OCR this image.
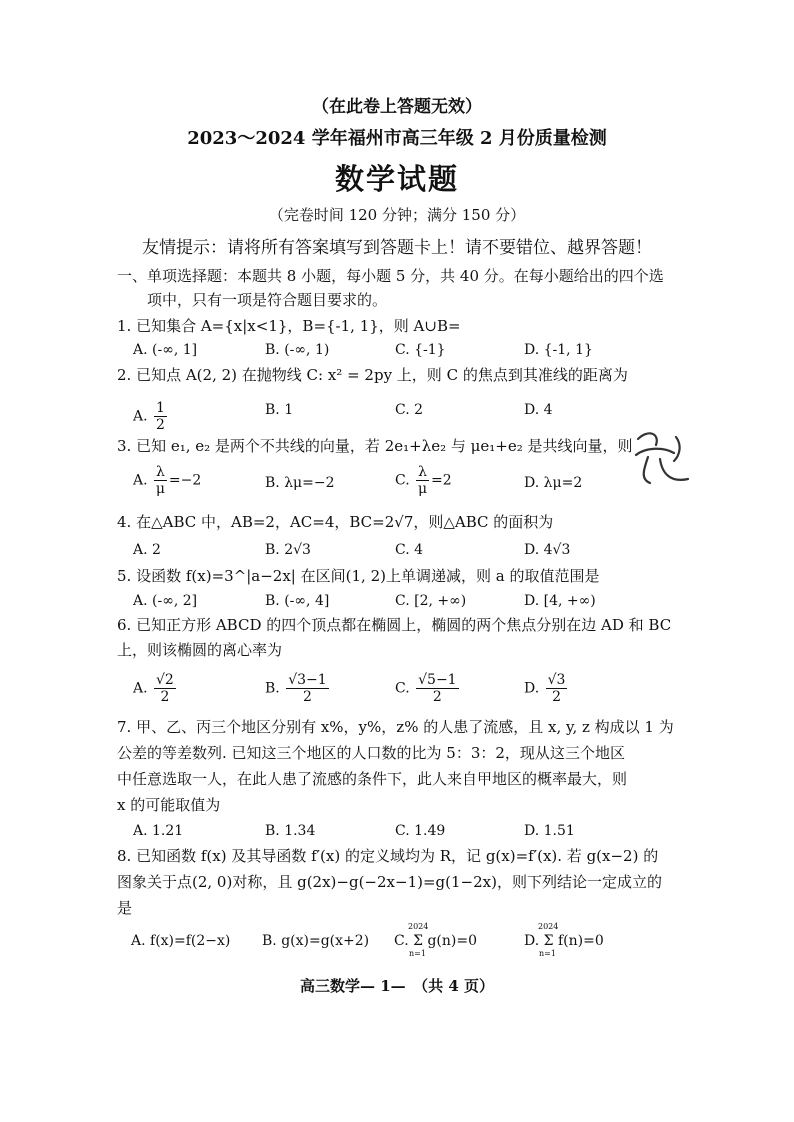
（在此卷上答题无效）
2023～2024 学年福州市高三年级 2 月份质量检测
数学试题
（完卷时间 120 分钟；满分 150 分）
友情提示：请将所有答案填写到答题卡上！请不要错位、越界答题！
一、单项选择题：本题共 8 小题，每小题 5 分，共 40 分。在每小题给出的四个选
项中，只有一项是符合题目要求的。
1. 已知集合 A={x|x<1}，B={-1, 1}，则 A∪B=
A. (-∞, 1]	B. (-∞, 1)	C. {-1}	D. {-1, 1}
2. 已知点 A(2, 2) 在抛物线 C: x² = 2py 上，则 C 的焦点到其准线的距离为
A. $\frac{1}{2}$	B. 1	C. 2	D. 4
3. 已知 e₁, e₂ 是两个不共线的向量，若 2e₁+λe₂ 与 μe₁+e₂ 是共线向量，则
A. $\frac{\lambda}{\mu} =-2$	B. λμ=−2	C. $\frac{\lambda}{\mu} =2$	D. λμ=2
4. 在△ABC 中，AB=2，AC=4，BC=2√7，则△ABC 的面积为
A. 2	B. 2√3	C. 4	D. 4√3
5. 设函数 f(x)=3^|a−2x| 在区间(1, 2)上单调递减，则 a 的取值范围是
A. (-∞, 2]	B. (-∞, 4]	C. [2, +∞)	D. [4, +∞)
6. 已知正方形 ABCD 的四个顶点都在椭圆上，椭圆的两个焦点分别在边 AD 和 BC
上，则该椭圆的离心率为
A. $\frac{√2}{2}$	B. $\frac{√3-1}{2}$	C. $\frac{√5-1}{2}$	D. $\frac{√3}{2}$
7. 甲、乙、丙三个地区分别有 x%，y%，z% 的人患了流感，且 x, y, z 构成以 1 为
公差的等差数列. 已知这三个地区的人口数的比为 5：3：2，现从这三个地区
中任意选取一人，在此人患了流感的条件下，此人来自甲地区的概率最大，则
x 的可能取值为
A. 1.21	B. 1.34	C. 1.49	D. 1.51
8. 已知函数 f(x) 及其导函数 f′(x) 的定义域均为 R，记 g(x)=f′(x). 若 g(x−2) 的
图象关于点(2, 0)对称，且 g(2x)−g(−2x−1)=g(1−2x)，则下列结论一定成立的
是
A. f(x)=f(2−x) B. g(x)=g(x+2) C. Σ g(n)=0	D. Σ f(n)=0
2024
n=1
2024
n=1
高三数学— 1—　（共 4 页）
